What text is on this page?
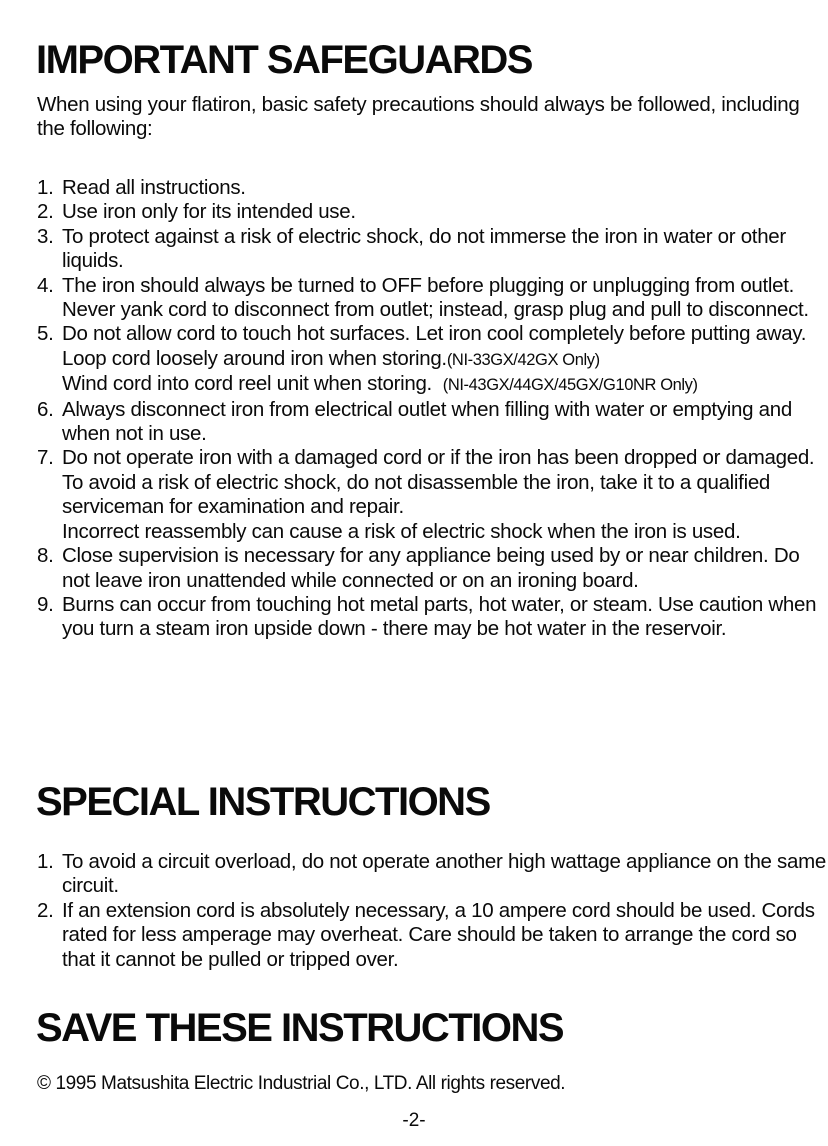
IMPORTANT SAFEGUARDS
When using your flatiron, basic safety precautions should always be followed, including the following:
1. Read all instructions.
2. Use iron only for its intended use.
3. To protect against a risk of electric shock, do not immerse the iron in water or other liquids.
4. The iron should always be turned to OFF before plugging or unplugging from outlet. Never yank cord to disconnect from outlet; instead, grasp plug and pull to disconnect.
5. Do not allow cord to touch hot surfaces. Let iron cool completely before putting away.
Loop cord loosely around iron when storing.(NI-33GX/42GX Only)
Wind cord into cord reel unit when storing. (NI-43GX/44GX/45GX/G10NR Only)
6. Always disconnect iron from electrical outlet when filling with water or emptying and when not in use.
7. Do not operate iron with a damaged cord or if the iron has been dropped or damaged. To avoid a risk of electric shock, do not disassemble the iron, take it to a qualified serviceman for examination and repair.
Incorrect reassembly can cause a risk of electric shock when the iron is used.
8. Close supervision is necessary for any appliance being used by or near children. Do not leave iron unattended while connected or on an ironing board.
9. Burns can occur from touching hot metal parts, hot water, or steam. Use caution when you turn a steam iron upside down - there may be hot water in the reservoir.
SPECIAL INSTRUCTIONS
1. To avoid a circuit overload, do not operate another high wattage appliance on the same circuit.
2. If an extension cord is absolutely necessary, a 10 ampere cord should be used. Cords rated for less amperage may overheat. Care should be taken to arrange the cord so that it cannot be pulled or tripped over.
SAVE THESE INSTRUCTIONS
© 1995 Matsushita Electric Industrial Co., LTD. All rights reserved.
-2-
